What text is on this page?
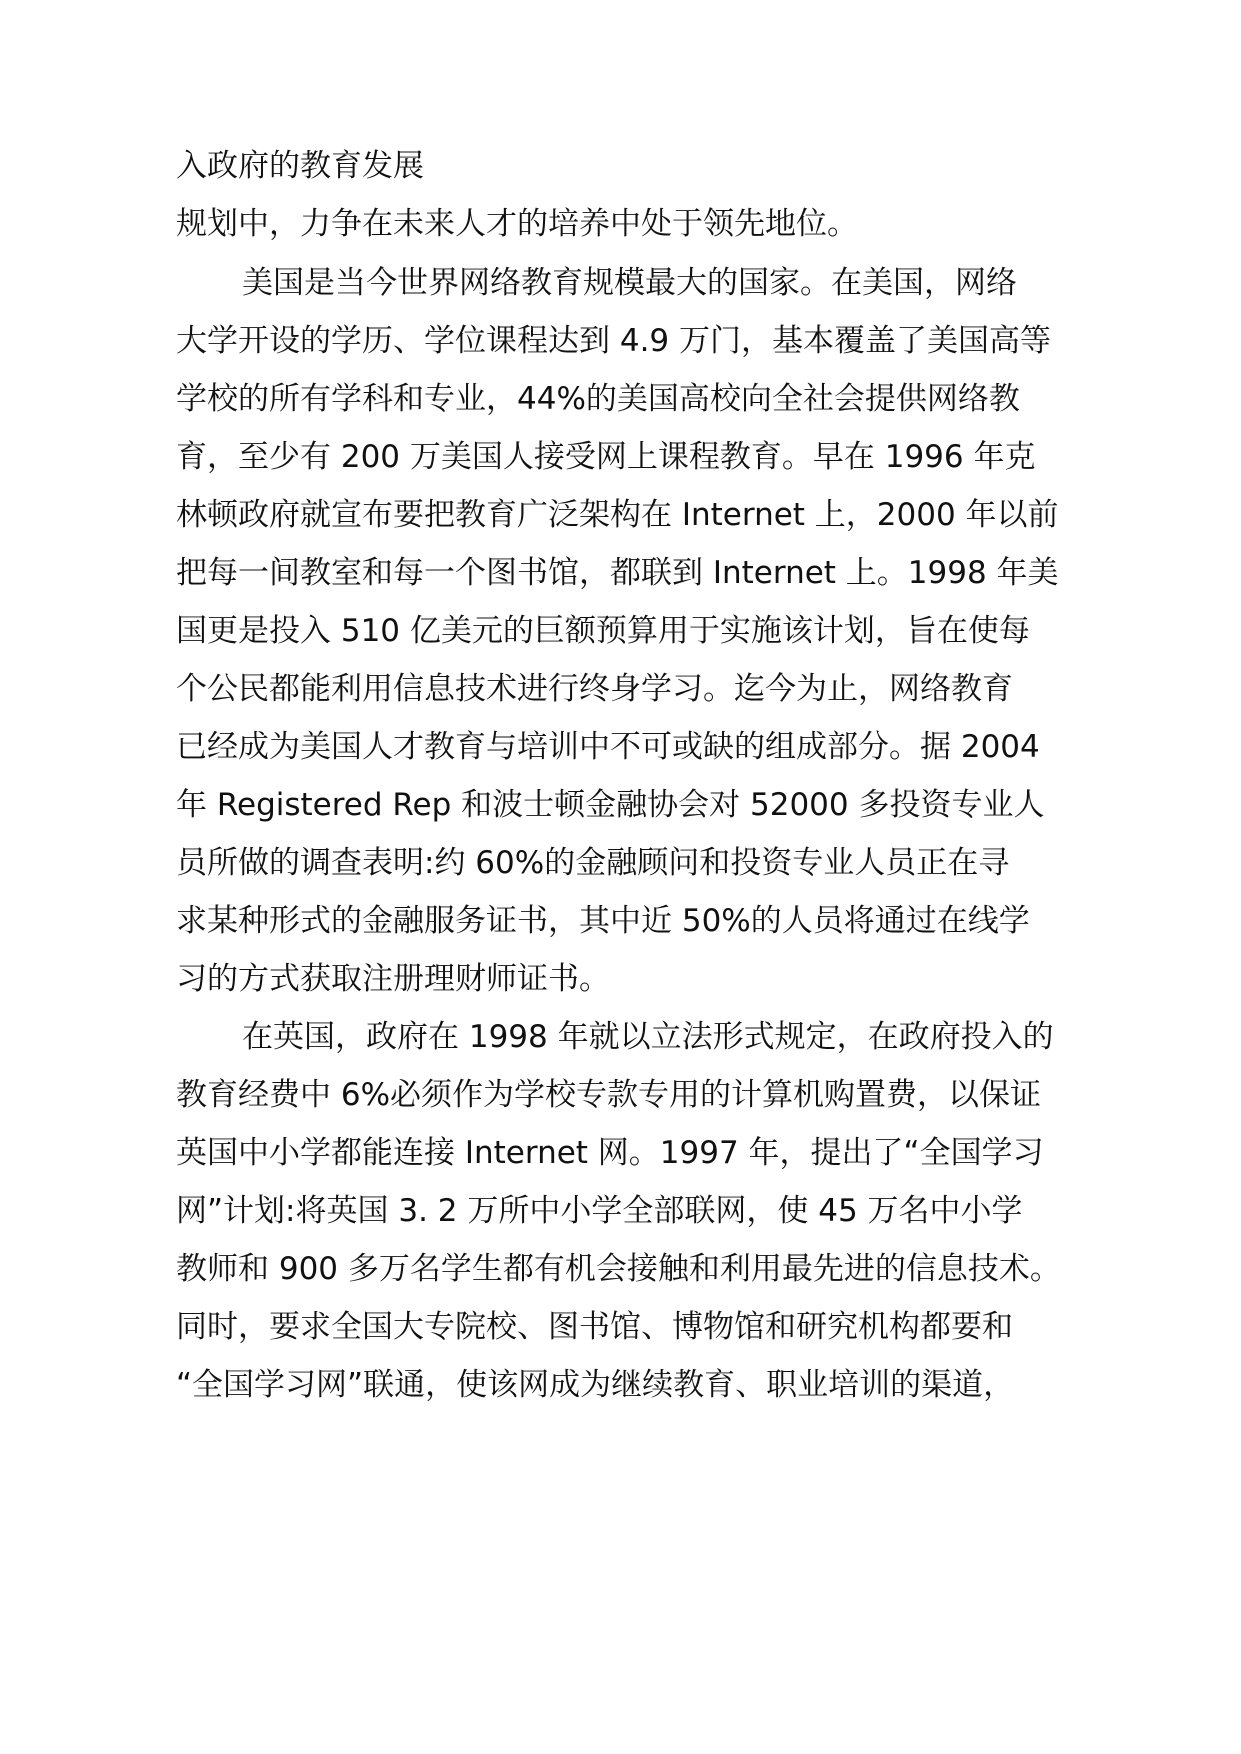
入政府的教育发展
规划中，力争在未来人才的培养中处于领先地位。
美国是当今世界网络教育规模最大的国家。在美国，网络
大学开设的学历、学位课程达到 4.9 万门，基本覆盖了美国高等
学校的所有学科和专业，44%的美国高校向全社会提供网络教
育，至少有 200 万美国人接受网上课程教育。早在 1996 年克
林顿政府就宣布要把教育广泛架构在 Internet 上，2000 年以前
把每一间教室和每一个图书馆，都联到 Internet 上。1998 年美
国更是投入 510 亿美元的巨额预算用于实施该计划，旨在使每
个公民都能利用信息技术进行终身学习。迄今为止，网络教育
已经成为美国人才教育与培训中不可或缺的组成部分。据 2004
年 Registered Rep 和波士顿金融协会对 52000 多投资专业人
员所做的调查表明:约 60%的金融顾问和投资专业人员正在寻
求某种形式的金融服务证书，其中近 50%的人员将通过在线学
习的方式获取注册理财师证书。
在英国，政府在 1998 年就以立法形式规定，在政府投入的
教育经费中 6%必须作为学校专款专用的计算机购置费，以保证
英国中小学都能连接 Internet 网。1997 年，提出了“全国学习
网”计划:将英国 3. 2 万所中小学全部联网，使 45 万名中小学
教师和 900 多万名学生都有机会接触和利用最先进的信息技术。
同时，要求全国大专院校、图书馆、博物馆和研究机构都要和
“全国学习网”联通，使该网成为继续教育、职业培训的渠道，
